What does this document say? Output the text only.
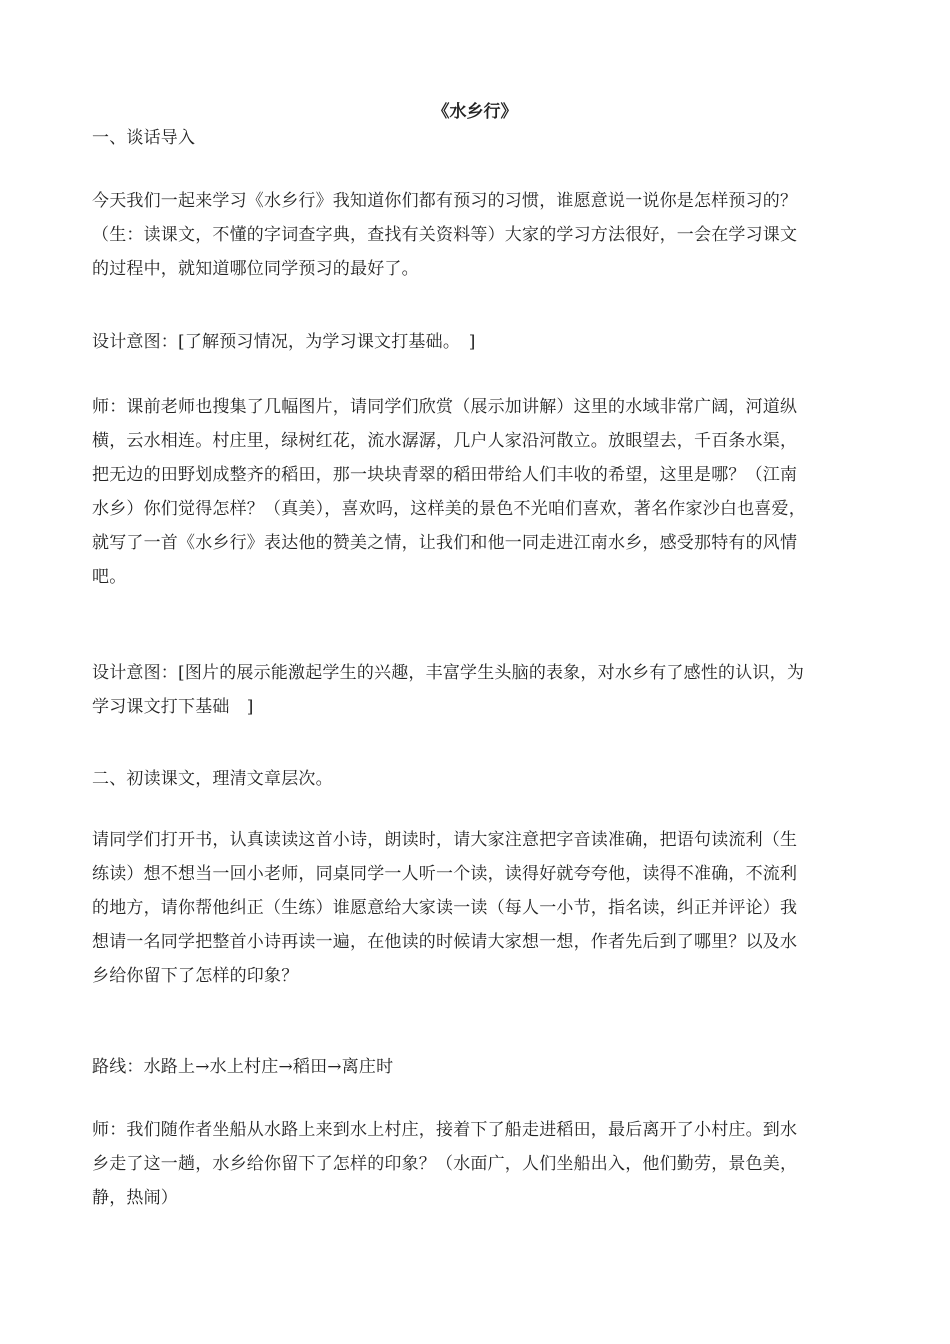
《水乡行》

一、谈话导入

今天我们一起来学习《水乡行》我知道你们都有预习的习惯，谁愿意说一说你是怎样预习的？
（生：读课文，不懂的字词查字典，查找有关资料等）大家的学习方法很好，一会在学习课文
的过程中，就知道哪位同学预习的最好了。

设计意图：[了解预习情况，为学习课文打基础。　]

师：课前老师也搜集了几幅图片，请同学们欣赏（展示加讲解）这里的水域非常广阔，河道纵
横，云水相连。村庄里，绿树红花，流水潺潺，几户人家沿河散立。放眼望去，千百条水渠，
把无边的田野划成整齐的稻田，那一块块青翠的稻田带给人们丰收的希望，这里是哪？（江南
水乡）你们觉得怎样？（真美），喜欢吗，这样美的景色不光咱们喜欢，著名作家沙白也喜爱，
就写了一首《水乡行》表达他的赞美之情，让我们和他一同走进江南水乡，感受那特有的风情
吧。

设计意图：[图片的展示能激起学生的兴趣，丰富学生头脑的表象，对水乡有了感性的认识，为
学习课文打下基础　]

二、初读课文，理清文章层次。

请同学们打开书，认真读读这首小诗，朗读时，请大家注意把字音读准确，把语句读流利（生
练读）想不想当一回小老师，同桌同学一人听一个读，读得好就夸夸他，读得不准确，不流利
的地方，请你帮他纠正（生练）谁愿意给大家读一读（每人一小节，指名读，纠正并评论）我
想请一名同学把整首小诗再读一遍，在他读的时候请大家想一想，作者先后到了哪里？以及水
乡给你留下了怎样的印象？

路线：水路上→水上村庄→稻田→离庄时

师：我们随作者坐船从水路上来到水上村庄，接着下了船走进稻田，最后离开了小村庄。到水
乡走了这一趟，水乡给你留下了怎样的印象？（水面广，人们坐船出入，他们勤劳，景色美，
静，热闹）
